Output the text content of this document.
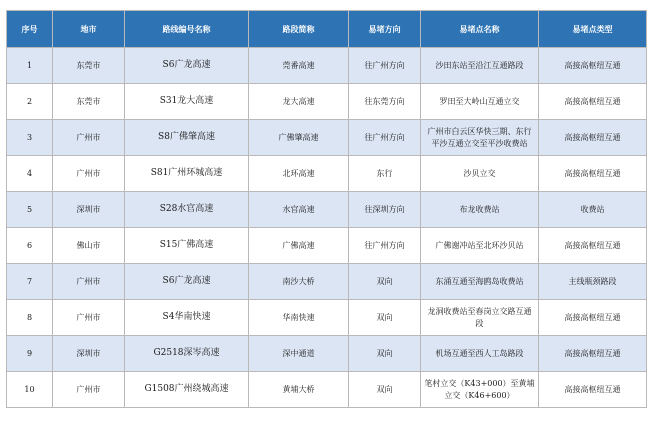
序号	地市	路线编号名称	路段简称	易堵方向	易堵点名称	易堵点类型
1	东莞市	S6广龙高速	莞番高速	往广州方向	沙田东站至沿江互通路段	高接高枢纽互通
2	东莞市	S31龙大高速	龙大高速	往东莞方向	罗田至大岭山互通立交	高接高枢纽互通
3	广州市	S8广佛肇高速	广佛肇高速	往广州方向	广州市白云区华快三期、东行平沙互通立交至平沙收费站	高接高枢纽互通
4	广州市	S81广州环城高速	北环高速	东行	沙贝立交	高接高枢纽互通
5	深圳市	S28水官高速	水官高速	往深圳方向	布龙收费站	收费站
6	佛山市	S15广佛高速	广佛高速	往广州方向	广佛谢冲站至北环沙贝站	高接高枢纽互通
7	广州市	S6广龙高速	南沙大桥	双向	东涌互通至海鸥岛收费站	主线瓶颈路段
8	广州市	S4华南快速	华南快速	双向	龙洞收费站至春岗立交路互通段	高接高枢纽互通
9	深圳市	G2518深岑高速	深中通道	双向	机场互通至西人工岛路段	高接高枢纽互通
10	广州市	G1508广州绕城高速	黄埔大桥	双向	笔村立交（K43+000）至黄埔立交（K46+600）	高接高枢纽互通
